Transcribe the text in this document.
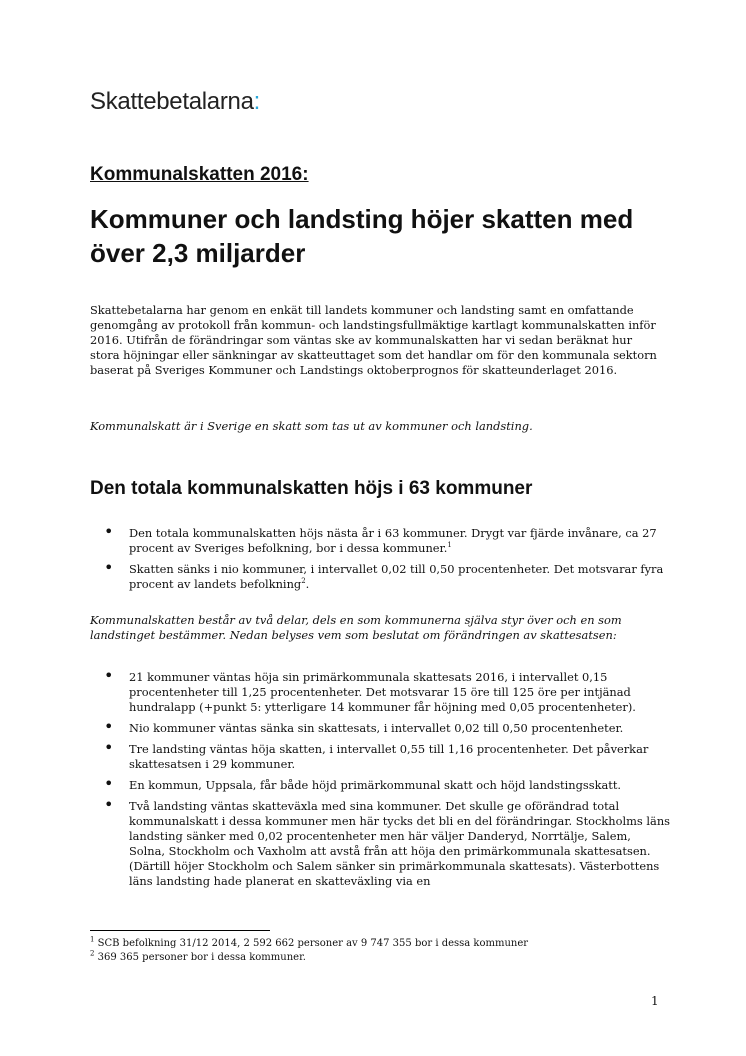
Skattebetalarna:
Kommunalskatten 2016:
Kommuner och landsting höjer skatten med över 2,3 miljarder
Skattebetalarna har genom en enkät till landets kommuner och landsting samt en omfattande genomgång av protokoll från kommun- och landstingsfullmäktige kartlagt kommunalskatten inför 2016. Utifrån de förändringar som väntas ske av kommunalskatten har vi sedan beräknat hur stora höjningar eller sänkningar av skatteuttaget som det handlar om för den kommunala sektorn baserat på Sveriges Kommuner och Landstings oktoberprognos för skatteunderlaget 2016.
Kommunalskatt är i Sverige en skatt som tas ut av kommuner och landsting.
Den totala kommunalskatten höjs i 63 kommuner
• Den totala kommunalskatten höjs nästa år i 63 kommuner. Drygt var fjärde invånare, ca 27 procent av Sveriges befolkning, bor i dessa kommuner.$^1$
• Skatten sänks i nio kommuner, i intervallet 0,02 till 0,50 procentenheter. Det motsvarar fyra procent av landets befolkning$^2$.
Kommunalskatten består av två delar, dels en som kommunerna själva styr över och en som landstinget bestämmer. Nedan belyses vem som beslutat om förändringen av skattesatsen:
• 21 kommuner väntas höja sin primärkommunala skattesats 2016, i intervallet 0,15 procentenheter till 1,25 procentenheter. Det motsvarar 15 öre till 125 öre per intjänad hundralapp (+punkt 5: ytterligare 14 kommuner får höjning med 0,05 procentenheter).
• Nio kommuner väntas sänka sin skattesats, i intervallet 0,02 till 0,50 procentenheter.
• Tre landsting väntas höja skatten, i intervallet 0,55 till 1,16 procentenheter. Det påverkar skattesatsen i 29 kommuner.
• En kommun, Uppsala, får både höjd primärkommunal skatt och höjd landstingsskatt.
• Två landsting väntas skatteväxla med sina kommuner. Det skulle ge oförändrad total kommunalskatt i dessa kommuner men här tycks det bli en del förändringar. Stockholms läns landsting sänker med 0,02 procentenheter men här väljer Danderyd, Norrtälje, Salem, Solna, Stockholm och Vaxholm att avstå från att höja den primärkommunala skattesatsen. (Därtill höjer Stockholm och Salem sänker sin primärkommunala skattesats). Västerbottens läns landsting hade planerat en skatteväxling via en
$^1$ SCB befolkning 31/12 2014, 2 592 662 personer av 9 747 355 bor i dessa kommuner
$^2$ 369 365 personer bor i dessa kommuner.
1
